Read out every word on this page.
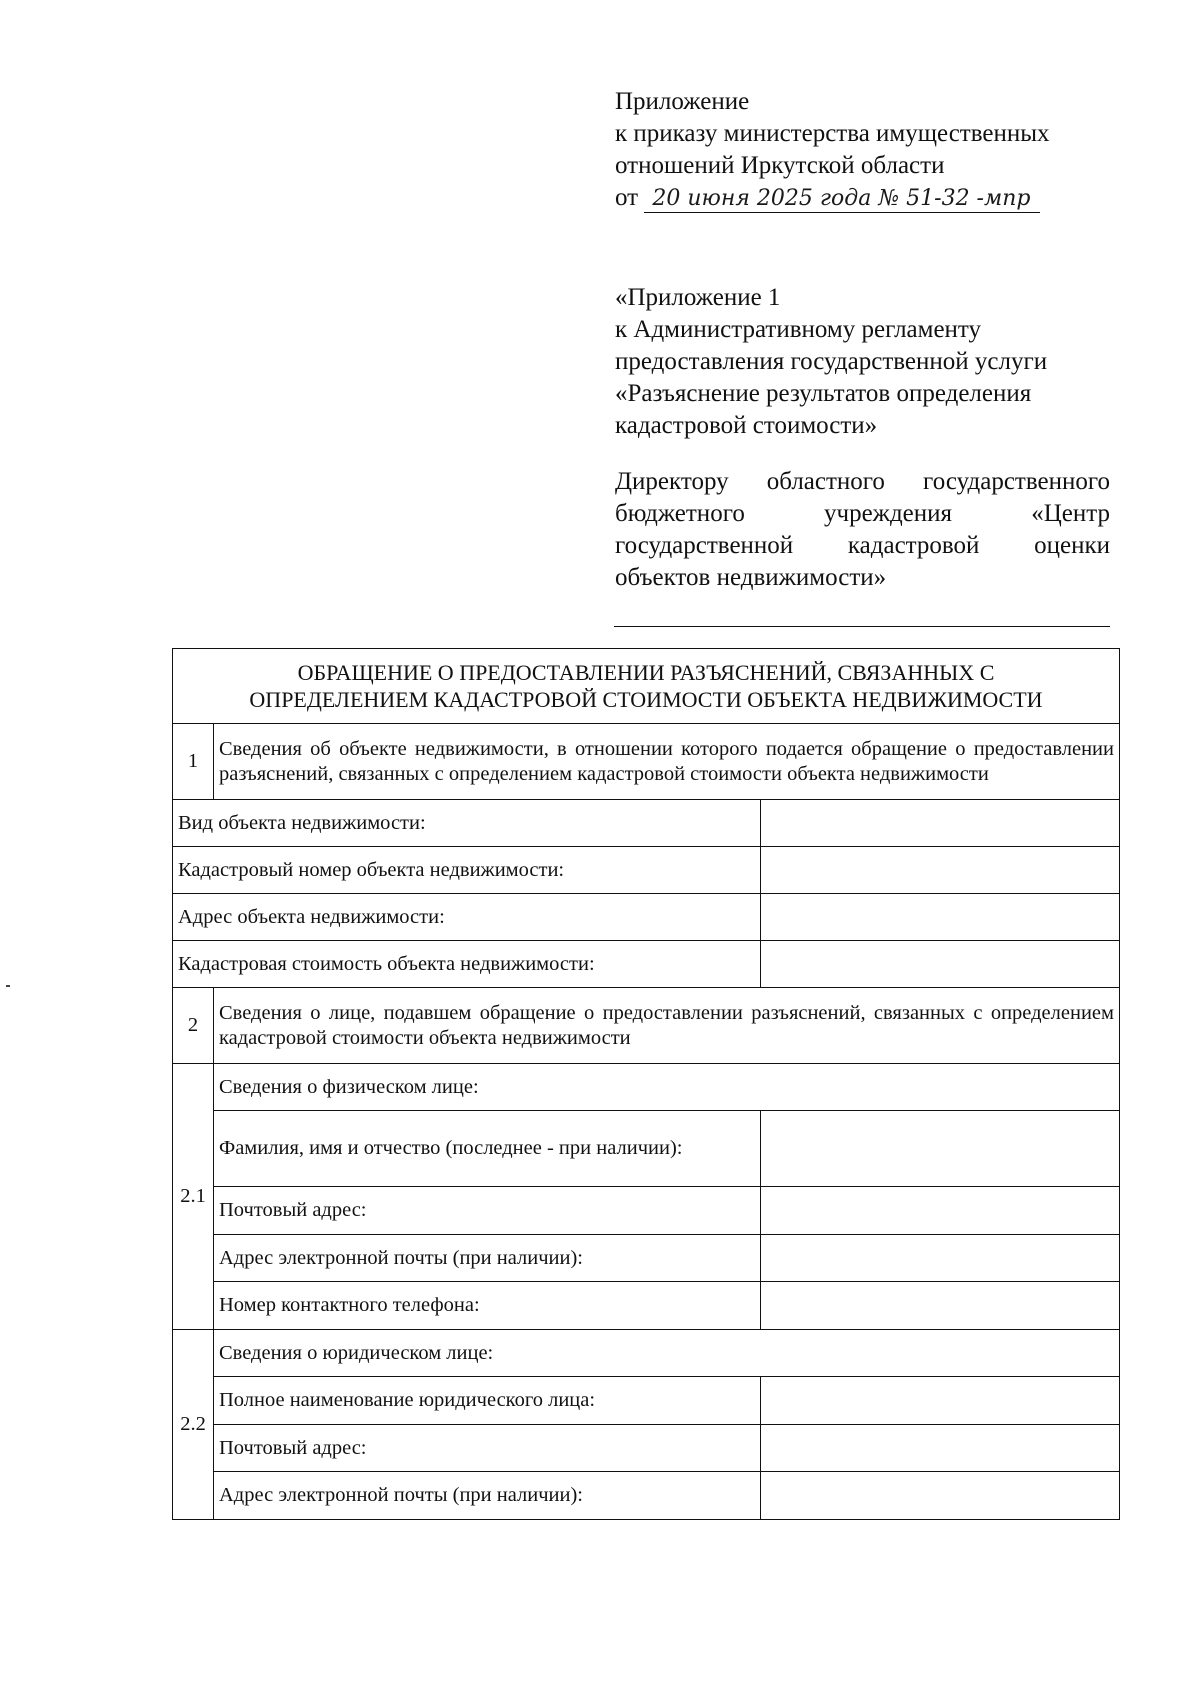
Приложение
к приказу министерства имущественных
отношений Иркутской области
от 20 июня 2025 года № 51-32 -мпр
«Приложение 1
к Административному регламенту
предоставления государственной услуги
«Разъяснение результатов определения
кадастровой стоимости»
Директору областного государственного
бюджетного учреждения «Центр
государственной кадастровой оценки
объектов недвижимости»
ОБРАЩЕНИЕ О ПРЕДОСТАВЛЕНИИ РАЗЪЯСНЕНИЙ, СВЯЗАННЫХ С
ОПРЕДЕЛЕНИЕМ КАДАСТРОВОЙ СТОИМОСТИ ОБЪЕКТА НЕДВИЖИМОСТИ		

1	Сведения об объекте недвижимости, в отношении которого подается обращение о предоставлении разъяснений, связанных с определением кадастровой стоимости объекта недвижимости	
Вид объекта недвижимости:		
Кадастровый номер объекта недвижимости:		
Адрес объекта недвижимости:		
Кадастровая стоимость объекта недвижимости:		
2	Сведения о лице, подавшем обращение о предоставлении разъяснений, связанных с определением кадастровой стоимости объекта недвижимости	
2.1	Сведения о физическом лице:	
	Фамилия, имя и отчество (последнее - при наличии):	
	Почтовый адрес:	
	Адрес электронной почты (при наличии):	
	Номер контактного телефона:	
2.2	Сведения о юридическом лице:	
	Полное наименование юридического лица:	
	Почтовый адрес:	
	Адрес электронной почты (при наличии):	
